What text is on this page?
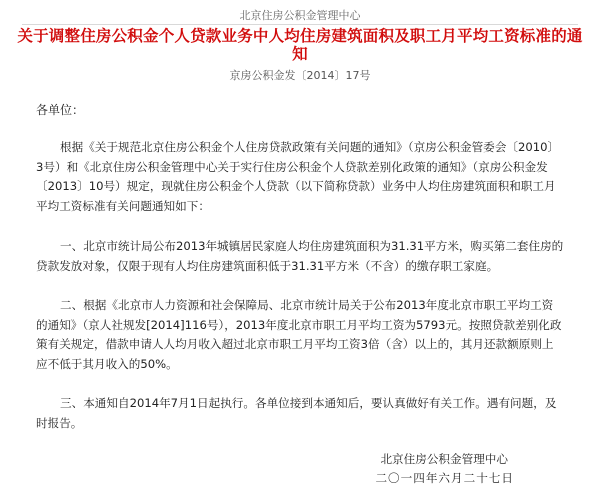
北京住房公积金管理中心
关于调整住房公积金个人贷款业务中人均住房建筑面积及职工月平均工资标准的通知
京房公积金发〔2014〕17号
各单位：

根据《关于规范北京住房公积金个人住房贷款政策有关问题的通知》（京房公积金管委会〔2010〕3号）和《北京住房公积金管理中心关于实行住房公积金个人贷款差别化政策的通知》（京房公积金发〔2013〕10号）规定，现就住房公积金个人贷款（以下简称贷款）业务中人均住房建筑面积和职工月平均工资标准有关问题通知如下：

一、北京市统计局公布2013年城镇居民家庭人均住房建筑面积为31.31平方米，购买第二套住房的贷款发放对象，仅限于现有人均住房建筑面积低于31.31平方米（不含）的缴存职工家庭。

二、根据《北京市人力资源和社会保障局、北京市统计局关于公布2013年度北京市职工平均工资的通知》（京人社规发[2014]116号），2013年度北京市职工月平均工资为5793元。按照贷款差别化政策有关规定，借款申请人人均月收入超过北京市职工月平均工资3倍（含）以上的，其月还款额原则上应不低于其月收入的50%。

三、本通知自2014年7月1日起执行。各单位接到本通知后，要认真做好有关工作。遇有问题，及时报告。

北京住房公积金管理中心
二〇一四年六月二十七日
